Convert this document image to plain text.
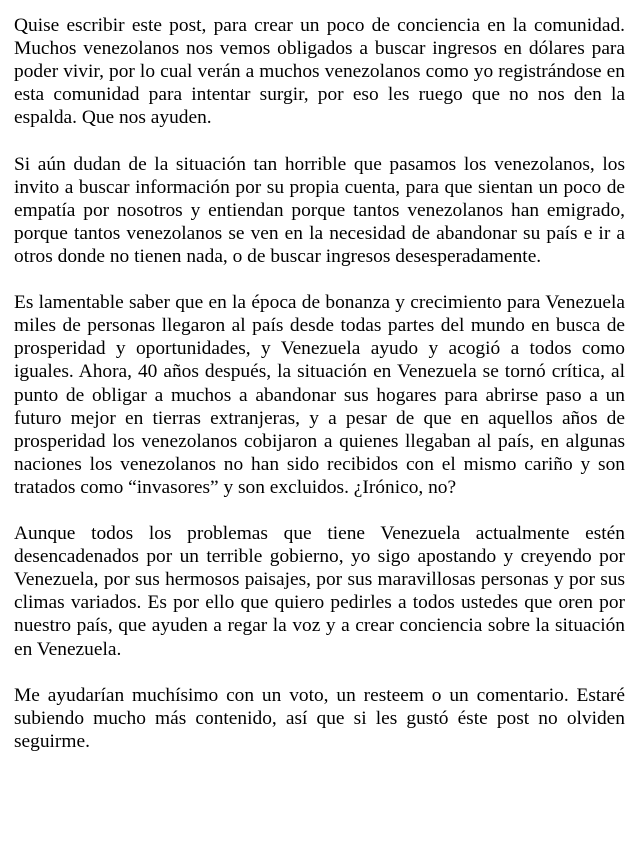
Quise escribir este post, para crear un poco de conciencia en la comunidad. Muchos venezolanos nos vemos obligados a buscar ingresos en dólares para poder vivir, por lo cual verán a muchos venezolanos como yo registrándose en esta comunidad para intentar surgir, por eso les ruego que no nos den la espalda. Que nos ayuden.

Si aún dudan de la situación tan horrible que pasamos los venezolanos, los invito a buscar información por su propia cuenta, para que sientan un poco de empatía por nosotros y entiendan porque tantos venezolanos han emigrado, porque tantos venezolanos se ven en la necesidad de abandonar su país e ir a otros donde no tienen nada, o de buscar ingresos desesperadamente.

Es lamentable saber que en la época de bonanza y crecimiento para Venezuela miles de personas llegaron al país desde todas partes del mundo en busca de prosperidad y oportunidades, y Venezuela ayudo y acogió a todos como iguales. Ahora, 40 años después, la situación en Venezuela se tornó crítica, al punto de obligar a muchos a abandonar sus hogares para abrirse paso a un futuro mejor en tierras extranjeras, y a pesar de que en aquellos años de prosperidad los venezolanos cobijaron a quienes llegaban al país, en algunas naciones los venezolanos no han sido recibidos con el mismo cariño y son tratados como “invasores” y son excluidos. ¿Irónico, no?

Aunque todos los problemas que tiene Venezuela actualmente estén desencadenados por un terrible gobierno, yo sigo apostando y creyendo por Venezuela, por sus hermosos paisajes, por sus maravillosas personas y por sus climas variados. Es por ello que quiero pedirles a todos ustedes que oren por nuestro país, que ayuden a regar la voz y a crear conciencia sobre la situación en Venezuela.

Me ayudarían muchísimo con un voto, un resteem o un comentario. Estaré subiendo mucho más contenido, así que si les gustó éste post no olviden seguirme.
